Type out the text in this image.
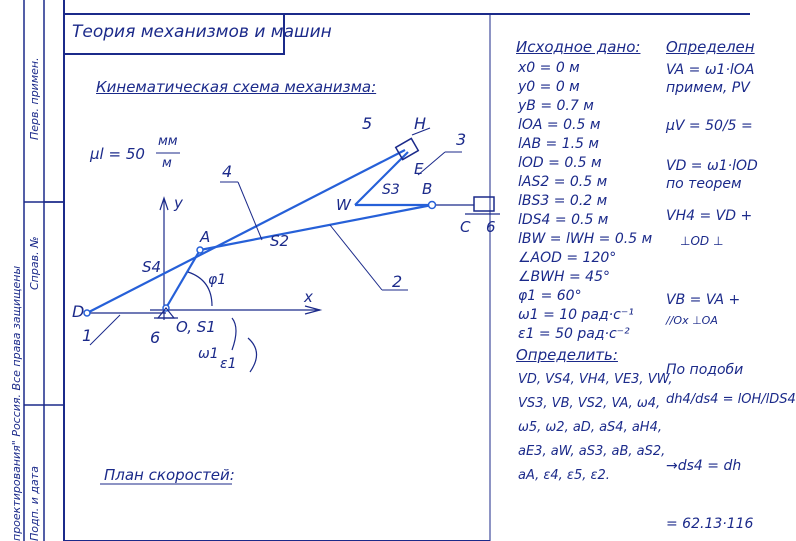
Перв. примен.
Справ. №
проектирования" Россия. Все права защищены Подп. и дата
Теория механизмов и машин
Кинематическая схема механизма:
μl = 50
мм
м
D
1	6
O, S1
A
S4
S2
4
2
3
5	H
E
W
S3 B
C 6
x
y
φ1
ω1
ε1
План скоростей:
Исходное дано:
x0 = 0 м
y0 = 0 м
yB = 0.7 м
lOA = 0.5 м
lAB = 1.5 м
lOD = 0.5 м
lAS2 = 0.5 м
lBS3 = 0.2 м
lDS4 = 0.5 м
lBW = lWH = 0.5 м
∠AOD = 120°
∠BWH = 45°
φ1 = 60°
ω1 = 10 рад·с⁻¹
ε1 = 50 рад·с⁻²
Определить:
VD, VS4, VH4, VE3, VW,
VS3, VB, VS2, VA, ω4,
ω5, ω2, aD, aS4, aH4,
aE3, aW, aS3, aB, aS2,
aA, ε4, ε5, ε2.
Определен
VA = ω1·lOA
примем, PV
μV = 50/5 =
VD = ω1·lOD
по теорем
VH4 = VD +
⊥OD ⊥
VB = VA +
//Ox ⊥OA
По подоби
dh4/ds4 = lOH/lDS4
→ds4 = dh
= 62.13·116
